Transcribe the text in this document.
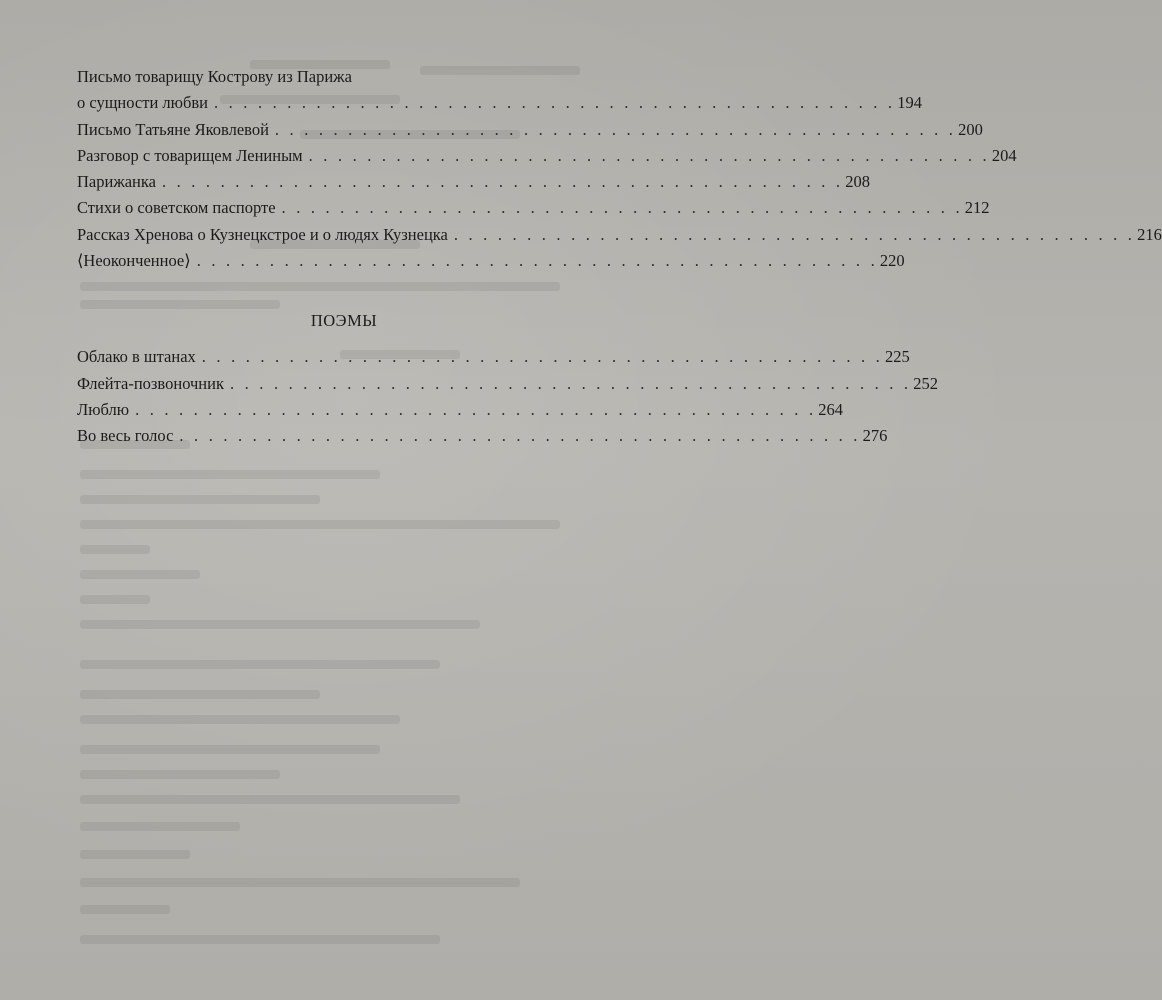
Письмо товарищу Кострову из Парижа
о сущности любви . . . . . . . . . . . . . . . . . . . . . . . . . . . . . . . . . . . . . . . . . . . . . . . 194
Письмо Татьяне Яковлевой . . . . . . . . . . . . . . . . . . . . . . . . . . . . . . . . . . . . . . . . . . . . . . . 200
Разговор с товарищем Лениным . . . . . . . . . . . . . . . . . . . . . . . . . . . . . . . . . . . . . . . . . . . . . . . 204
Парижанка . . . . . . . . . . . . . . . . . . . . . . . . . . . . . . . . . . . . . . . . . . . . . . . 208
Стихи о советском паспорте . . . . . . . . . . . . . . . . . . . . . . . . . . . . . . . . . . . . . . . . . . . . . . . 212
Рассказ Хренова о Кузнецкстрое и о людях Кузнецка . . . . . . . . . . . . . . . . . . . . . . . . . . . . . . . . . . . . . . . . . . . . . . . 216
⟨Неоконченное⟩ . . . . . . . . . . . . . . . . . . . . . . . . . . . . . . . . . . . . . . . . . . . . . . . 220
ПОЭМЫ
Облако в штанах . . . . . . . . . . . . . . . . . . . . . . . . . . . . . . . . . . . . . . . . . . . . . . . 225
Флейта-позвоночник . . . . . . . . . . . . . . . . . . . . . . . . . . . . . . . . . . . . . . . . . . . . . . . 252
Люблю . . . . . . . . . . . . . . . . . . . . . . . . . . . . . . . . . . . . . . . . . . . . . . . 264
Во весь голос . . . . . . . . . . . . . . . . . . . . . . . . . . . . . . . . . . . . . . . . . . . . . . . 276
